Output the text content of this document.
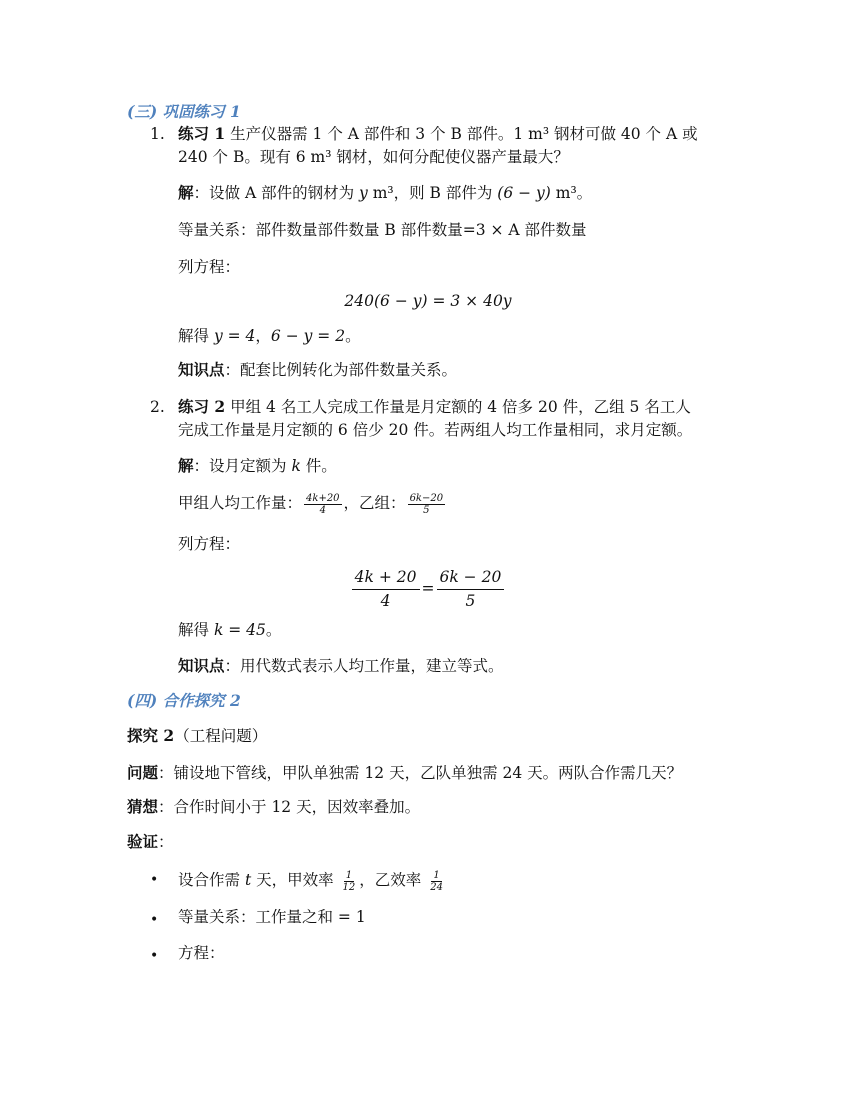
(三) 巩固练习 1
1. 练习 1 生产仪器需 1 个 A 部件和 3 个 B 部件。1 m³ 钢材可做 40 个 A 或
240 个 B。现有 6 m³ 钢材，如何分配使仪器产量最大？
解：设做 A 部件的钢材为 y m³，则 B 部件为 (6 − y) m³。
等量关系：部件数量部件数量 B 部件数量=3 × A 部件数量
列方程：
240(6 − y) = 3 × 40y
解得 y = 4，6 − y = 2。
知识点：配套比例转化为部件数量关系。
2. 练习 2 甲组 4 名工人完成工作量是月定额的 4 倍多 20 件，乙组 5 名工人
完成工作量是月定额的 6 倍少 20 件。若两组人均工作量相同，求月定额。
解：设月定额为 k 件。
甲组人均工作量： $\frac{4k+20}{4}$ ，乙组： $\frac{6k-20}{5}$
列方程：
$\frac{4k + 20}{4} = \frac{6k - 20}{5}$
解得 k = 45。
知识点：用代数式表示人均工作量，建立等式。
(四) 合作探究 2
探究 2（工程问题）
问题：铺设地下管线，甲队单独需 12 天，乙队单独需 24 天。两队合作需几天？
猜想：合作时间小于 12 天，因效率叠加。
验证：
• 设合作需 t 天，甲效率 $\frac{1}{12}$ ，乙效率 $\frac{1}{24}$
• 等量关系：工作量之和 = 1
• 方程：
